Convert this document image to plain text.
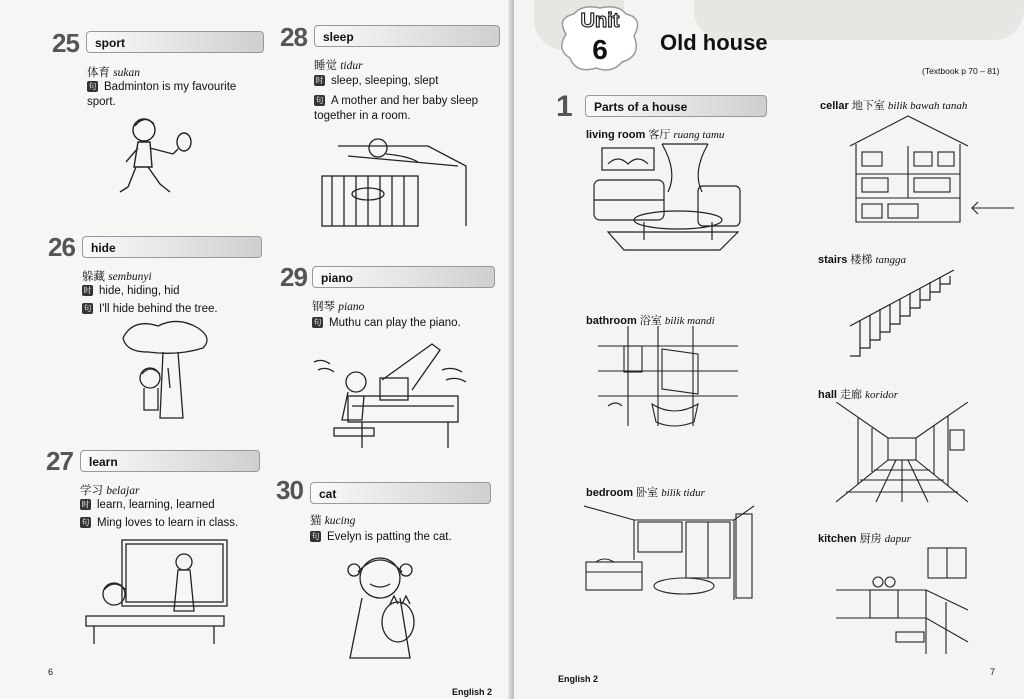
25	sport
体育 sukan
句 Badminton is my favourite sport.
26	hide
躲藏 sembunyi
时 hide, hiding, hid
句 I'll hide behind the tree.
27	learn
学习 belajar
时 learn, learning, learned
句 Ming loves to learn in class.
28	sleep
睡觉 tidur
时 sleep, sleeping, slept
句 A mother and her baby sleep together in a room.
29	piano
钢琴 piano
句 Muthu can play the piano.
30	cat
猫 kucing
句 Evelyn is patting the cat.
6
English 2
Unit
6	Old house
(Textbook p 70 – 81)
1	Parts of a house
living room 客厅 ruang tamu
bathroom 浴室 bilik mandi
bedroom 卧室 bilik tidur
cellar 地下室 bilik bawah tanah
stairs 楼梯 tangga
hall 走廊 koridor
kitchen 厨房 dapur
English 2
7
